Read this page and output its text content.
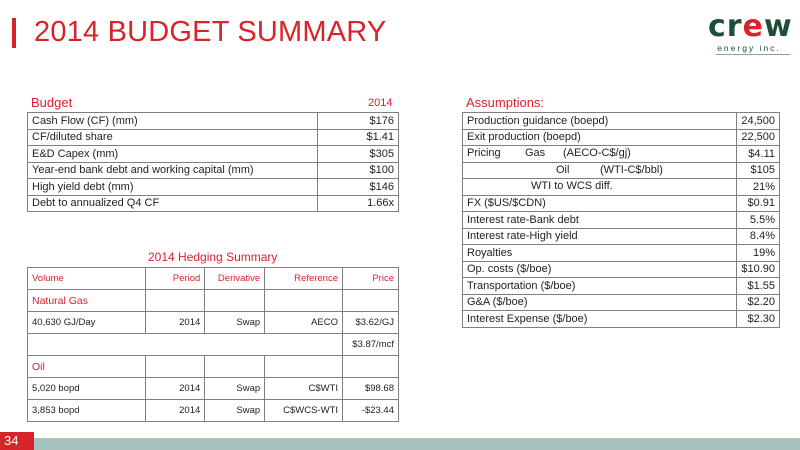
2014 BUDGET SUMMARY	crew
energy inc.
Budget	2014
Cash Flow (CF) (mm)	$176
CF/diluted share	$1.41
E&D Capex (mm)	$305
Year-end bank debt and working capital (mm)	$100
High yield debt (mm)	$146
Debt to annualized Q4 CF	1.66x
2014 Hedging Summary
Volume	Period	Derivative	Reference	Price
Natural Gas				
40,630 GJ/Day	2014	Swap	AECO	$3.62/GJ
				$3.87/mcf
Oil				
5,020 bopd	2014	Swap	C$WTI	$98.68
3,853 bopd	2014	Swap	C$WCS-WTI	-$23.44
Assumptions:
Production guidance (boepd)	24,500
Exit production (boepd)	22,500

Pricing Gas (AECO-C$/gj)	$4.11

Oil (WTI-C$/bbl)	$105

WTI to WCS diff.	21%
FX ($US/$CDN)	$0.91
Interest rate-Bank debt	5.5%
Interest rate-High yield	8.4%
Royalties	19%
Op. costs ($/boe)	$10.90
Transportation ($/boe)	$1.55
G&A ($/boe)	$2.20
Interest Expense ($/boe)	$2.30
34
